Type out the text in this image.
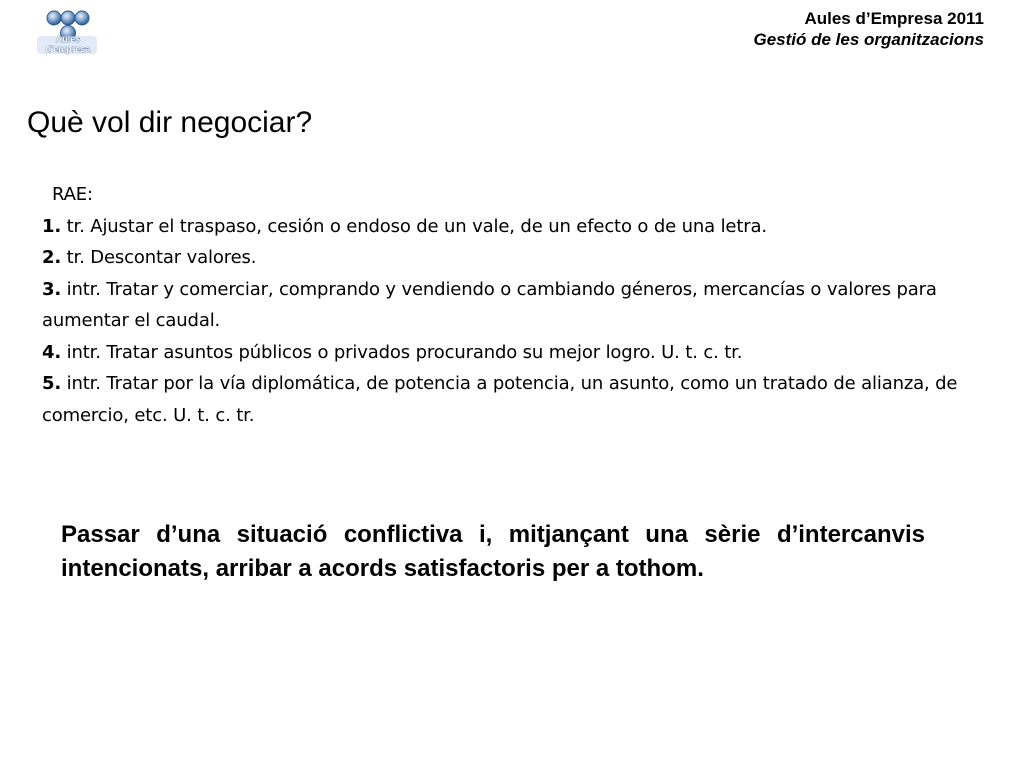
Aules
d'empresa
Aules d’Empresa 2011
Gestió de les organitzacions
Què vol dir negociar?
RAE:
1. tr. Ajustar el traspaso, cesión o endoso de un vale, de un efecto o de una letra.
2. tr. Descontar valores.
3. intr. Tratar y comerciar, comprando y vendiendo o cambiando géneros, mercancías o valores para aumentar el caudal.
4. intr. Tratar asuntos públicos o privados procurando su mejor logro. U. t. c. tr.
5. intr. Tratar por la vía diplomática, de potencia a potencia, un asunto, como un tratado de alianza, de comercio, etc. U. t. c. tr.

Passar d’una situació conflictiva i, mitjançant una sèrie d’intercanvis intencionats, arribar a acords satisfactoris per a tothom.
